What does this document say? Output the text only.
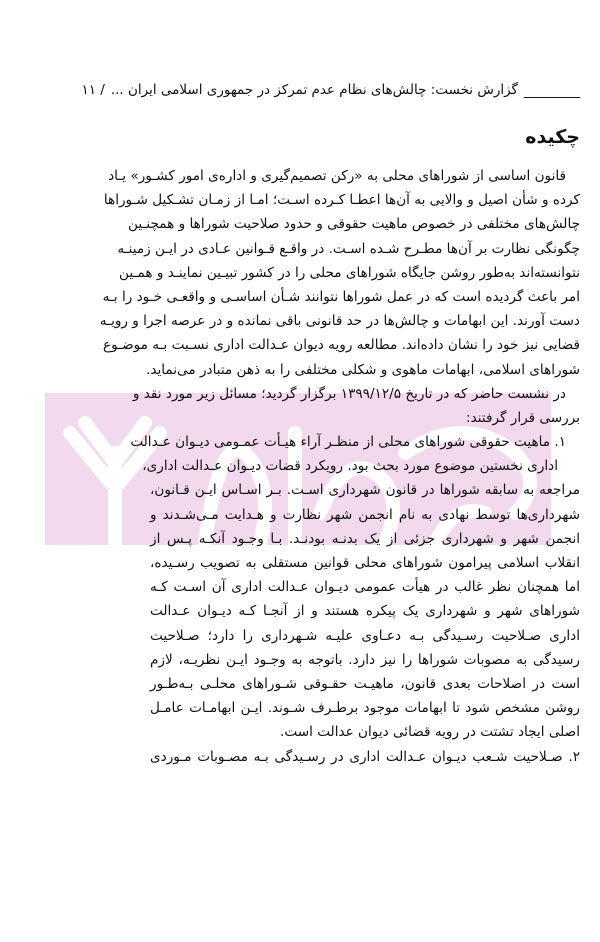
گزارش نخست: چالش‌های نظام عدم تمرکز در جمهوری اسلامی ایران ...
/ ۱۱
چکیده
قانون اساسی از شوراهای محلی به «رکن تصمیم‌گیری و اداره‌ی امور کشـور» یـاد
کرده و شأن اصیل و والایی به آن‌ها اعطـا کـرده اسـت؛ امـا از زمـان تشـکیل شـوراها
چالش‌های مختلفی در خصوص ماهیت حقوقی و حدود صلاحیت شوراها و همچنـین
چگونگی نظارت بر آن‌ها مطـرح شـده اسـت. در واقـع قـوانین عـادی در ایـن زمینـه
نتوانسته‌اند به‌طور روشن جایگاه شوراهای محلی را در کشور تبیـین نماینـد و همـین
امر باعث گردیده است که در عمل شوراها نتوانند شـأن اساسـی و واقعـی خـود را بـه
دست آورند. این ابهامات و چالش‌ها در حد قانونی باقی نمانده و در عرصه اجرا و رویـه
قضایی نیز خود را نشان داده‌اند. مطالعه رویه دیوان عـدالت اداری نسـبت بـه موضـوع
شوراهای اسلامی، ابهامات ماهوی و شکلی مختلفی را به ذهن متبادر می‌نماید.
در نشست حاضر که در تاریخ ۱۳۹۹/۱۲/۵ برگزار گردید؛ مسائل زیر مورد نقد و
بررسی قرار گرفتند:
۱. ماهیت حقوقی شوراهای محلی از منظـر آراء هیـأت عمـومی دیـوان عـدالت
اداری نخستین موضوع مورد بحث بود. رویکرد قضات دیـوان عـدالت اداری،
مراجعه به سابقه شوراها در قانون شهرداری اسـت. بـر اسـاس ایـن قـانون،
شهرداری‌ها توسط نهادی به نام انجمن شهر نظارت و هـدایت مـی‌شـدند و
انجمن شهر و شهرداری جزئی از یک بدنـه بودنـد. بـا وجـود آنکـه پـس از
انقلاب اسلامی پیرامون شوراهای محلی قوانین مستقلی به تصویب رسـیده،
اما همچنان نظر غالب در هیأت عمومی دیـوان عـدالت اداری آن اسـت کـه
شوراهای شهر و شهرداری یک پیکره هستند و از آنجـا کـه دیـوان عـدالت
اداری صـلاحیت رسـیدگی بـه دعـاوی علیـه شـهرداری را دارد؛ صـلاحیت
رسیدگی به مصوبات شوراها را نیز دارد. باتوجه به وجـود ایـن نظریـه، لازم
است در اصلاحات بعدی قانون، ماهیـت حقـوقی شـوراهای محلـی بـه‌طـور
روشن مشخص شود تا ابهامات موجود برطـرف شـوند. ایـن ابهامـات عامـل
اصلی ایجاد تشتت در رویه قضائی دیوان عدالت است.
۲. صـلاحیت شـعب دیـوان عـدالت اداری در رسـیدگی بـه مصـوبات مـوردی
